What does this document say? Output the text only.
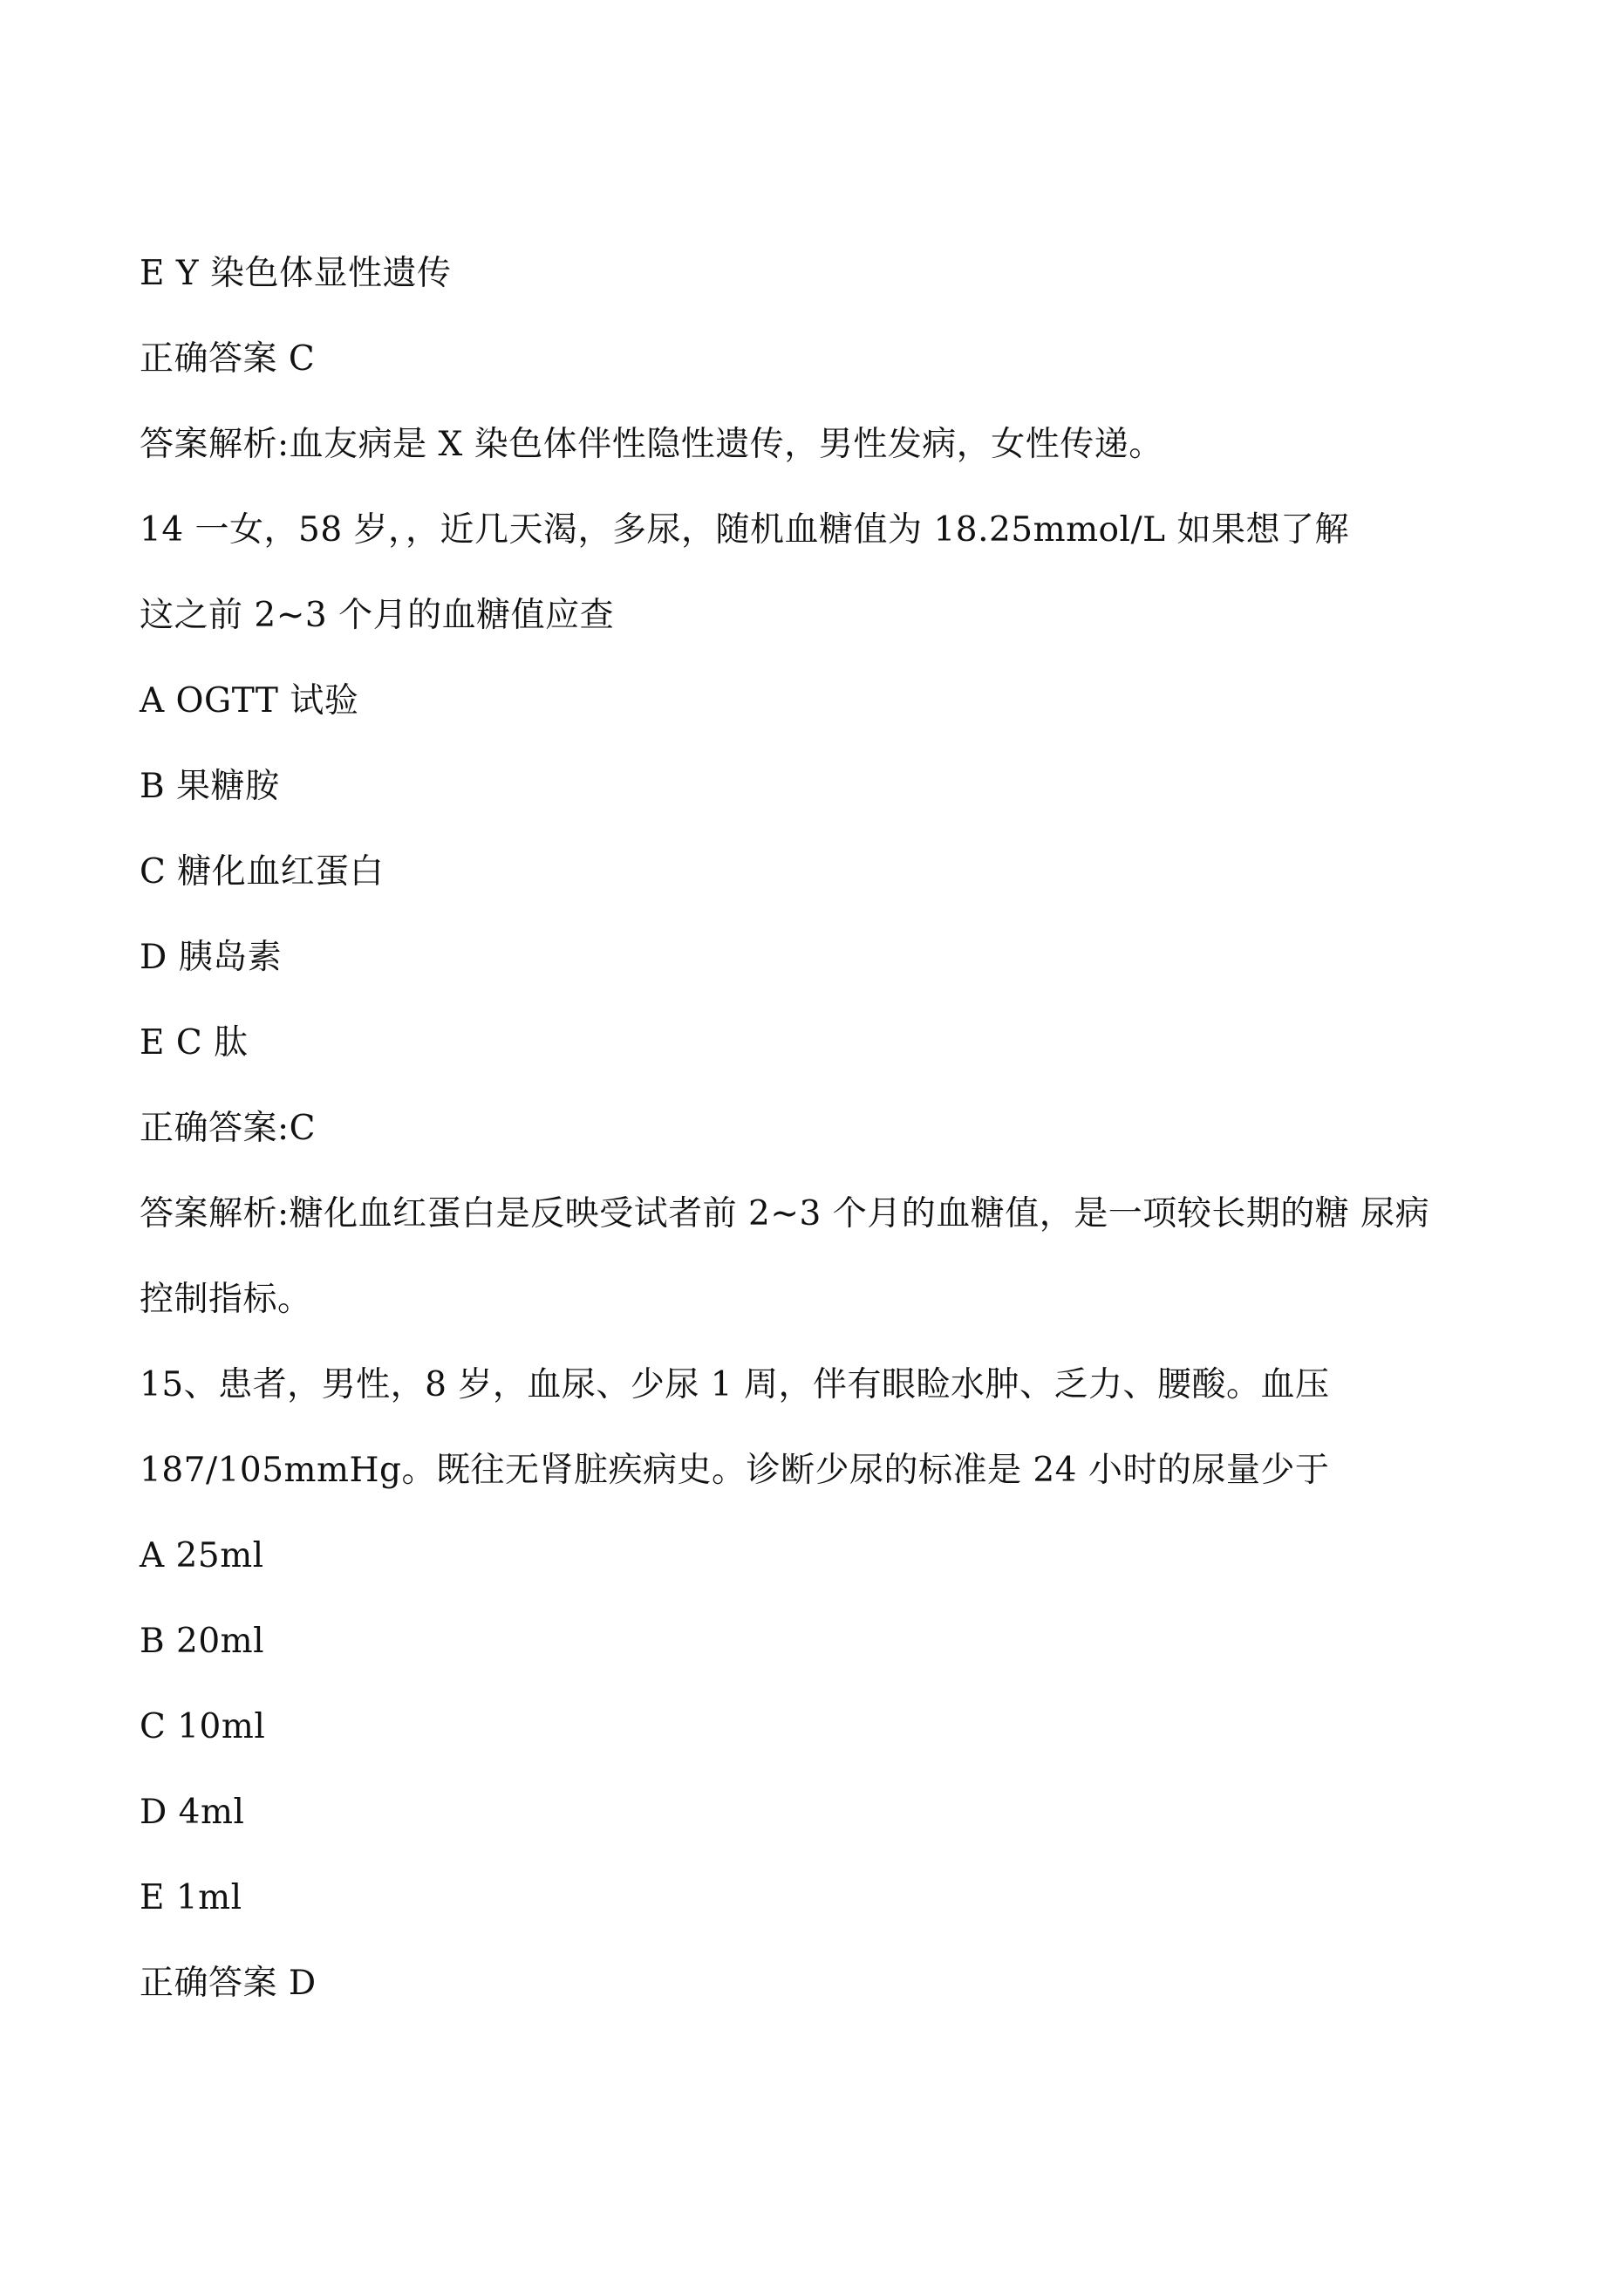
E Y 染色体显性遗传
正确答案 C
答案解析:血友病是 X 染色体伴性隐性遗传，男性发病，女性传递。
14 一女，58 岁，，近几天渴，多尿，随机血糖值为 18.25mmol/L 如果想了解
这之前 2~3 个月的血糖值应查
A OGTT 试验
B 果糖胺
C 糖化血红蛋白
D 胰岛素
E C 肽
正确答案:C
答案解析:糖化血红蛋白是反映受试者前 2~3 个月的血糖值，是一项较长期的糖 尿病
控制指标。
15、患者，男性，8 岁，血尿、少尿 1 周，伴有眼睑水肿、乏力、腰酸。血压
187/105mmHg。既往无肾脏疾病史。诊断少尿的标准是 24 小时的尿量少于
A 25ml
B 20ml
C 10ml
D 4ml
E 1ml
正确答案 D
